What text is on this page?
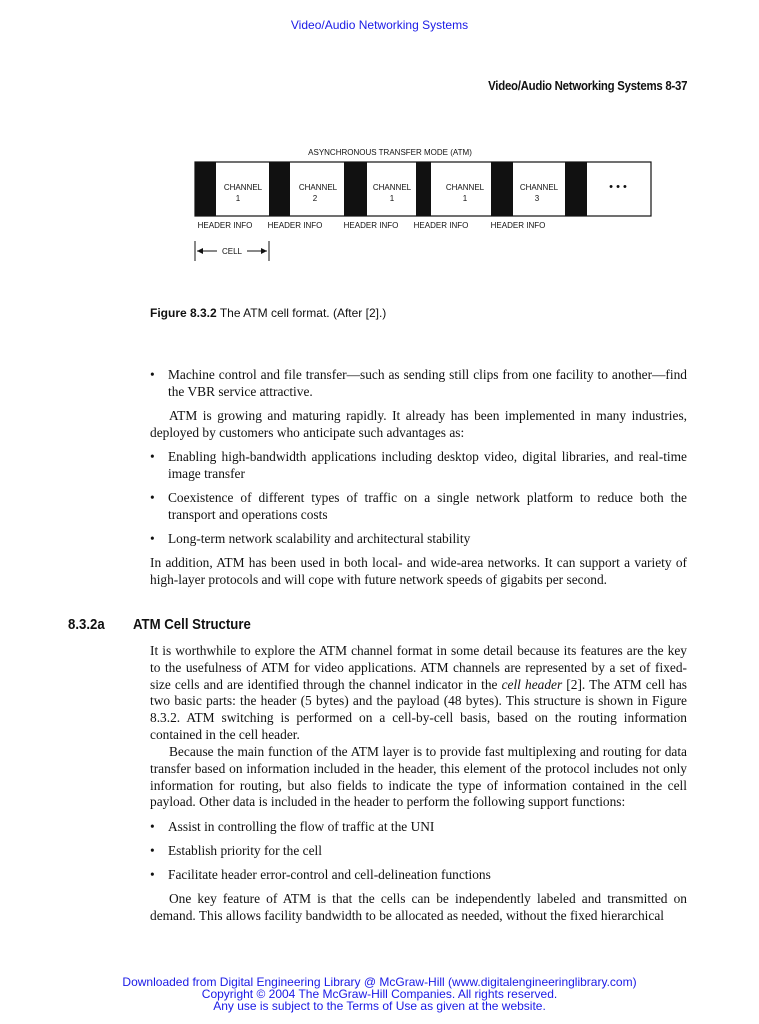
Video/Audio Networking Systems
Video/Audio Networking Systems 8-37
ASYNCHRONOUS TRANSFER MODE (ATM)
CHANNEL
1
CHANNEL
2
CHANNEL
1
CHANNEL
1
CHANNEL
3
• • •
HEADER INFO HEADER INFO	HEADER INFO HEADER INFO	HEADER INFO
CELL
Figure 8.3.2 The ATM cell format. (After [2].)
• Machine control and file transfer—such as sending still clips from one facility to another—find the VBR service attractive.
ATM is growing and maturing rapidly. It already has been implemented in many industries, deployed by customers who anticipate such advantages as:
• Enabling high-bandwidth applications including desktop video, digital libraries, and real-time image transfer
• Coexistence of different types of traffic on a single network platform to reduce both the transport and operations costs
• Long-term network scalability and architectural stability
In addition, ATM has been used in both local- and wide-area networks. It can support a variety of high-layer protocols and will cope with future network speeds of gigabits per second.
8.3.2a ATM Cell Structure
It is worthwhile to explore the ATM channel format in some detail because its features are the key to the usefulness of ATM for video applications. ATM channels are represented by a set of fixed-size cells and are identified through the channel indicator in the cell header [2]. The ATM cell has two basic parts: the header (5 bytes) and the payload (48 bytes). This structure is shown in Figure 8.3.2. ATM switching is performed on a cell-by-cell basis, based on the routing information contained in the cell header.
Because the main function of the ATM layer is to provide fast multiplexing and routing for data transfer based on information included in the header, this element of the protocol includes not only information for routing, but also fields to indicate the type of information contained in the cell payload. Other data is included in the header to perform the following support functions:
• Assist in controlling the flow of traffic at the UNI
• Establish priority for the cell
• Facilitate header error-control and cell-delineation functions
One key feature of ATM is that the cells can be independently labeled and transmitted on demand. This allows facility bandwidth to be allocated as needed, without the fixed hierarchical
Downloaded from Digital Engineering Library @ McGraw-Hill (www.digitalengineeringlibrary.com)
Copyright © 2004 The McGraw-Hill Companies. All rights reserved.
Any use is subject to the Terms of Use as given at the website.
